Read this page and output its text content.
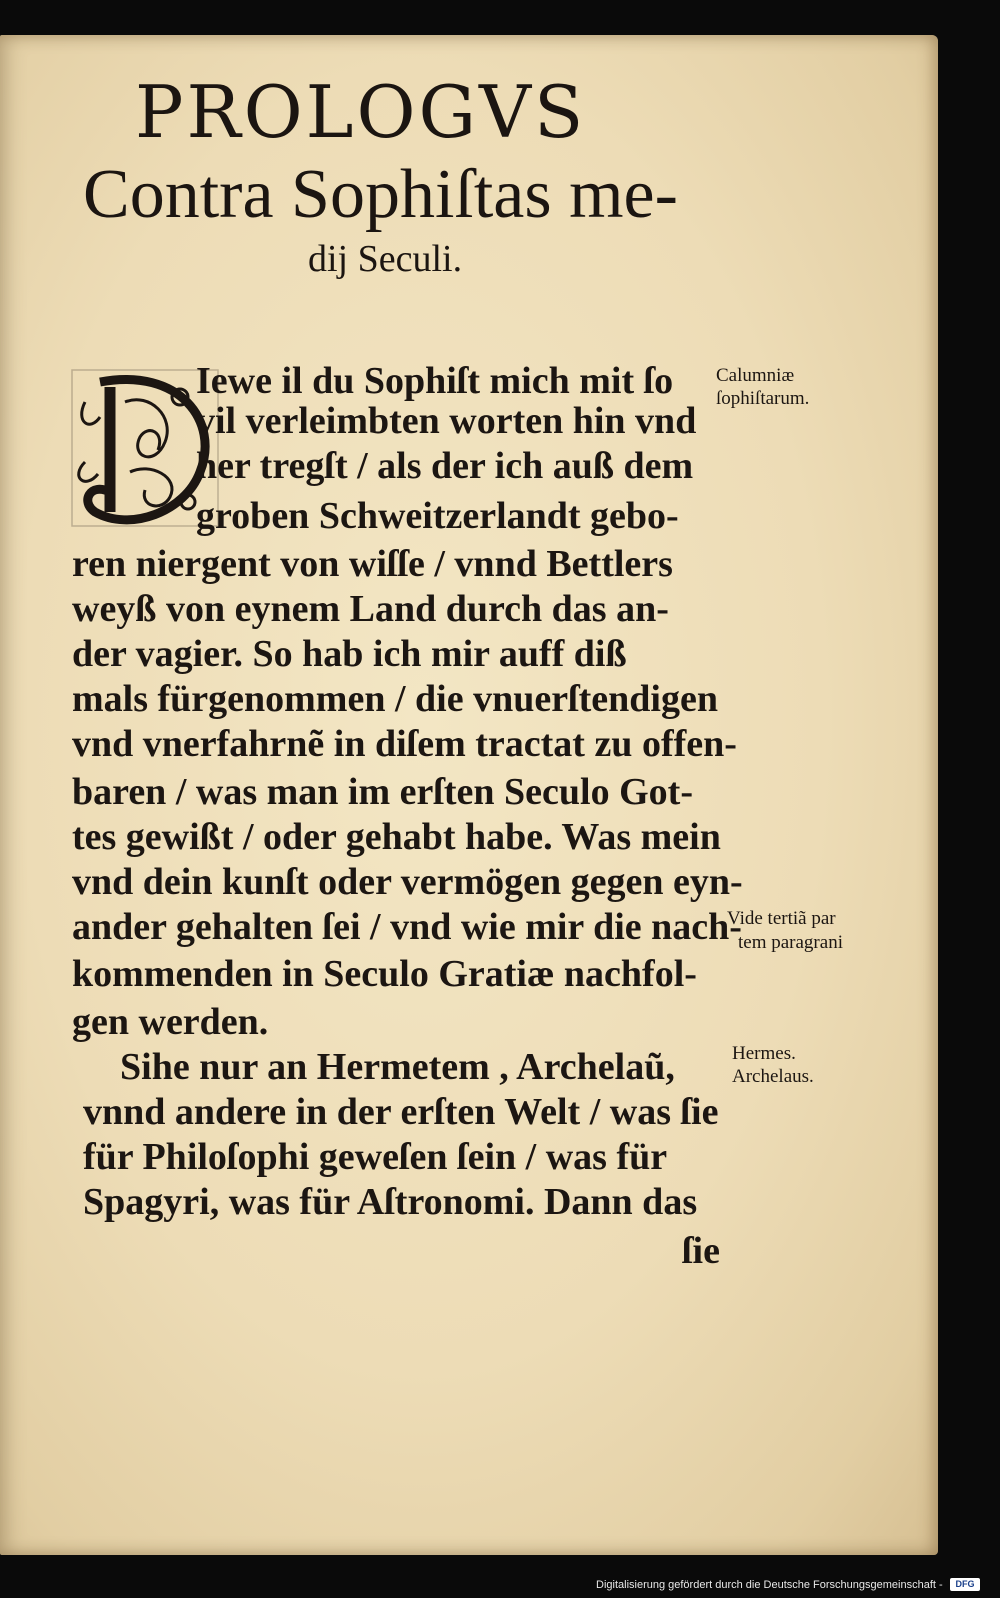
PROLOGVS
Contra Sophiſtas me-
dij Seculi.
Iewe il du Sophiſt mich mit ſo
vil verleimbten worten hin vnd
her tregſt / als der ich auß dem
groben Schweitzerlandt gebo-
ren niergent von wiſſe / vnnd Bettlers
weyß von eynem Land durch das an-
der vagier. So hab ich mir auff diß
mals fürgenommen / die vnuerſtendigen
vnd vnerfahrnẽ in diſem tractat zu offen-
baren / was man im erſten Seculo Got-
tes gewißt / oder gehabt habe. Was mein
vnd dein kunſt oder vermögen gegen eyn-
ander gehalten ſei / vnd wie mir die nach-
kommenden in Seculo Gratiæ nachfol-
gen werden.
Sihe nur an Hermetem , Archelaũ,
vnnd andere in der erſten Welt / was ſie
für Philoſophi geweſen ſein / was für
Spagyri, was für Aſtronomi. Dann das
ſie
Calumniæ
ſophiſtarum.
Vide tertiã par
tem paragrani
Hermes.
Archelaus.
Digitalisierung gefördert durch die Deutsche Forschungsgemeinschaft -	DFG
